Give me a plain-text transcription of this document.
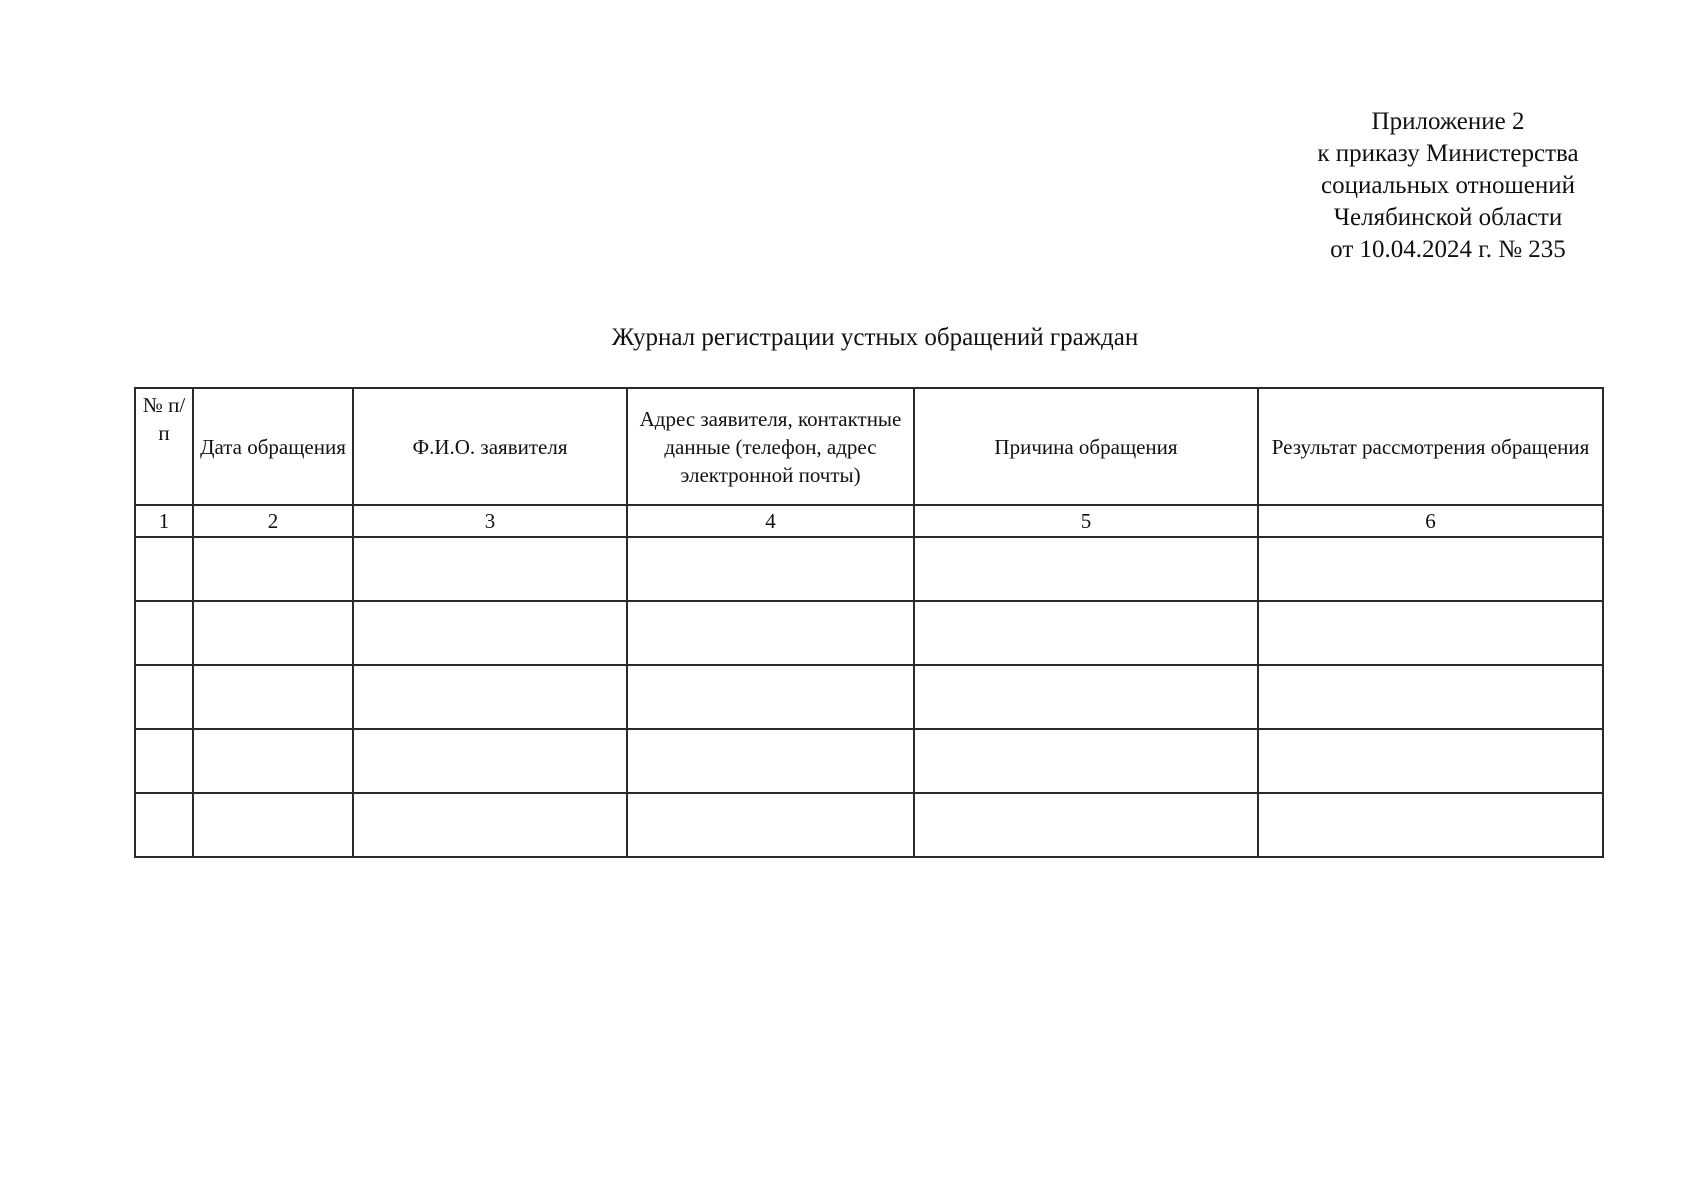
Приложение 2
к приказу Министерства
социальных отношений
Челябинской области
от 10.04.2024 г. № 235
Журнал регистрации устных обращений граждан
№ п/п	Дата обращения	Ф.И.О. заявителя	Адрес заявителя, контактные данные (телефон, адрес электронной почты)	Причина обращения	Результат рассмотрения обращения
1	2	3	4	5	6
